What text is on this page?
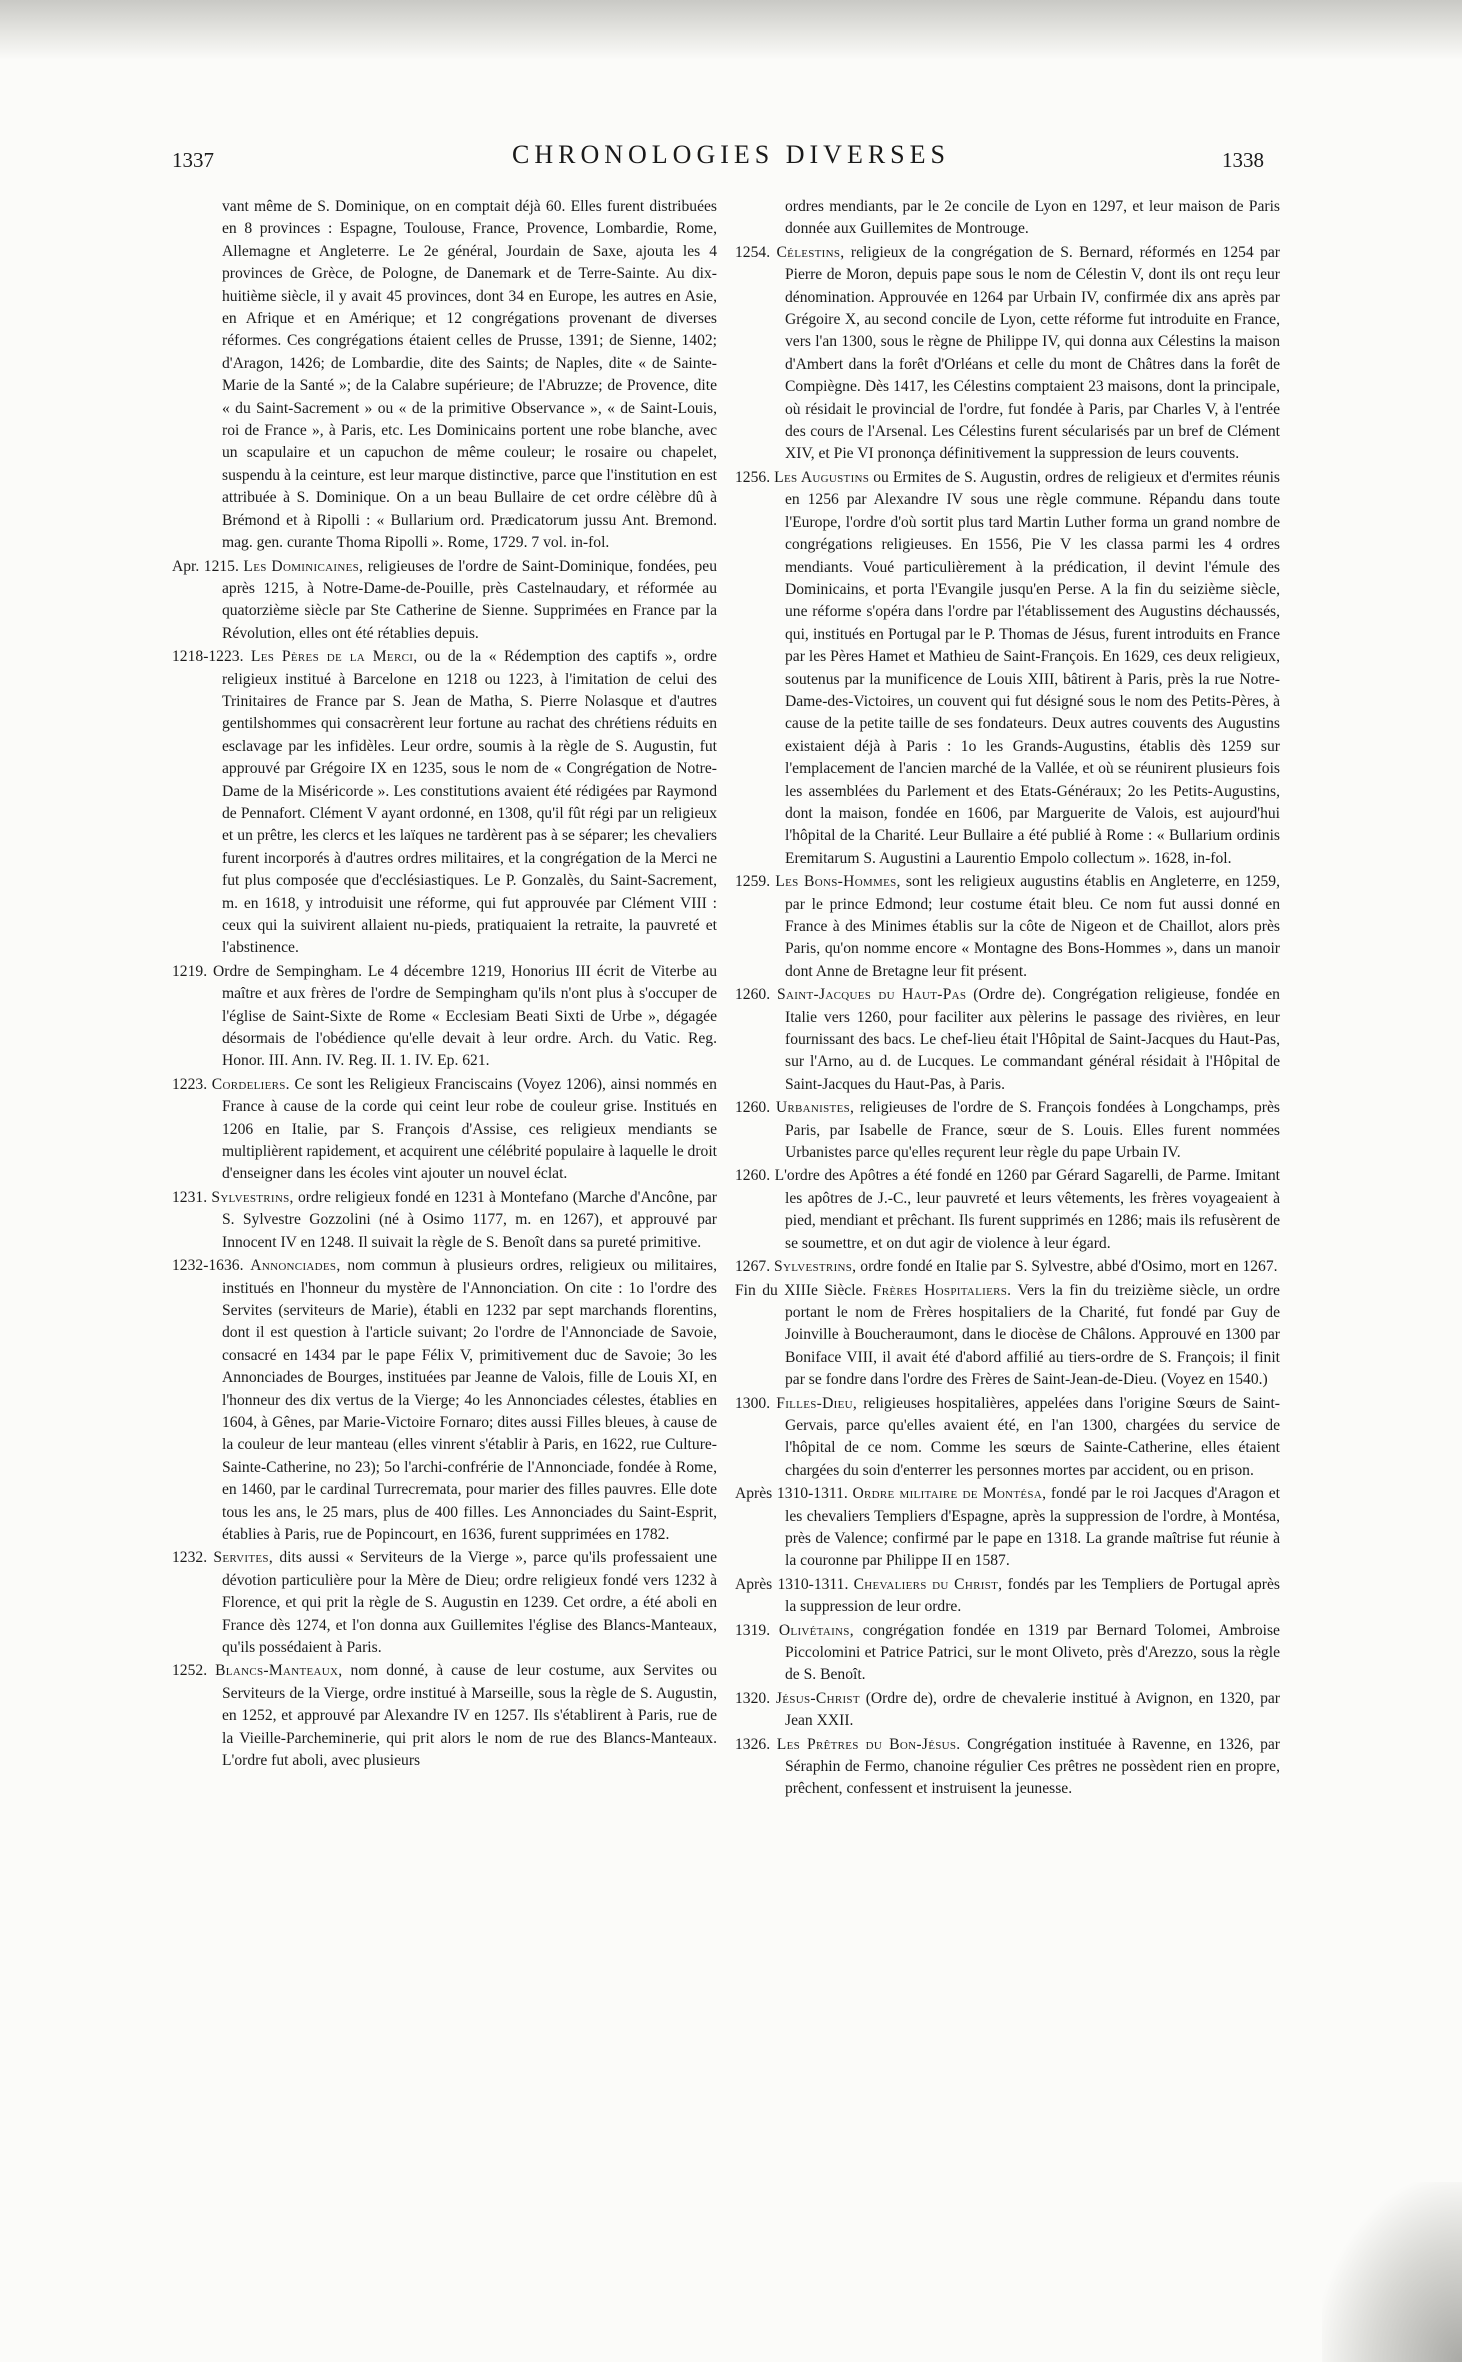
1337	CHRONOLOGIES DIVERSES	1338

vant même de S. Dominique, on en comptait déjà 60. Elles furent distribuées en 8 provinces : Espagne, Toulouse, France, Provence, Lombardie, Rome, Allemagne et Angleterre. Le 2e général, Jourdain de Saxe, ajouta les 4 provinces de Grèce, de Pologne, de Danemark et de Terre-Sainte. Au dix-huitième siècle, il y avait 45 provinces, dont 34 en Europe, les autres en Asie, en Afrique et en Amérique; et 12 congrégations provenant de diverses réformes. Ces congrégations étaient celles de Prusse, 1391; de Sienne, 1402; d'Aragon, 1426; de Lombardie, dite des Saints; de Naples, dite « de Sainte-Marie de la Santé »; de la Calabre supérieure; de l'Abruzze; de Provence, dite « du Saint-Sacrement » ou « de la primitive Observance », « de Saint-Louis, roi de France », à Paris, etc. Les Dominicains portent une robe blanche, avec un scapulaire et un capuchon de même couleur; le rosaire ou chapelet, suspendu à la ceinture, est leur marque distinctive, parce que l'institution en est attribuée à S. Dominique. On a un beau Bullaire de cet ordre célèbre dû à Brémond et à Ripolli : « Bullarium ord. Prædicatorum jussu Ant. Bremond. mag. gen. curante Thoma Ripolli ». Rome, 1729. 7 vol. in-fol.

Apr. 1215. Les Dominicaines, religieuses de l'ordre de Saint-Dominique, fondées, peu après 1215, à Notre-Dame-de-Pouille, près Castelnaudary, et réformée au quatorzième siècle par Ste Catherine de Sienne. Supprimées en France par la Révolution, elles ont été rétablies depuis.

1218-1223. Les Pères de la Merci, ou de la « Rédemption des captifs », ordre religieux institué à Barcelone en 1218 ou 1223, à l'imitation de celui des Trinitaires de France par S. Jean de Matha, S. Pierre Nolasque et d'autres gentilshommes qui consacrèrent leur fortune au rachat des chrétiens réduits en esclavage par les infidèles. Leur ordre, soumis à la règle de S. Augustin, fut approuvé par Grégoire IX en 1235, sous le nom de « Congrégation de Notre-Dame de la Miséricorde ». Les constitutions avaient été rédigées par Raymond de Pennafort. Clément V ayant ordonné, en 1308, qu'il fût régi par un religieux et un prêtre, les clercs et les laïques ne tardèrent pas à se séparer; les chevaliers furent incorporés à d'autres ordres militaires, et la congrégation de la Merci ne fut plus composée que d'ecclésiastiques. Le P. Gonzalès, du Saint-Sacrement, m. en 1618, y introduisit une réforme, qui fut approuvée par Clément VIII : ceux qui la suivirent allaient nu-pieds, pratiquaient la retraite, la pauvreté et l'abstinence.

1219. Ordre de Sempingham. Le 4 décembre 1219, Honorius III écrit de Viterbe au maître et aux frères de l'ordre de Sempingham qu'ils n'ont plus à s'occuper de l'église de Saint-Sixte de Rome « Ecclesiam Beati Sixti de Urbe », dégagée désormais de l'obédience qu'elle devait à leur ordre. Arch. du Vatic. Reg. Honor. III. Ann. IV. Reg. II. 1. IV. Ep. 621.

1223. Cordeliers. Ce sont les Religieux Franciscains (Voyez 1206), ainsi nommés en France à cause de la corde qui ceint leur robe de couleur grise. Institués en 1206 en Italie, par S. François d'Assise, ces religieux mendiants se multiplièrent rapidement, et acquirent une célébrité populaire à laquelle le droit d'enseigner dans les écoles vint ajouter un nouvel éclat.

1231. Sylvestrins, ordre religieux fondé en 1231 à Montefano (Marche d'Ancône, par S. Sylvestre Gozzolini (né à Osimo 1177, m. en 1267), et approuvé par Innocent IV en 1248. Il suivait la règle de S. Benoît dans sa pureté primitive.

1232-1636. Annonciades, nom commun à plusieurs ordres, religieux ou militaires, institués en l'honneur du mystère de l'Annonciation. On cite : 1o l'ordre des Servites (serviteurs de Marie), établi en 1232 par sept marchands florentins, dont il est question à l'article suivant; 2o l'ordre de l'Annonciade de Savoie, consacré en 1434 par le pape Félix V, primitivement duc de Savoie; 3o les Annonciades de Bourges, instituées par Jeanne de Valois, fille de Louis XI, en l'honneur des dix vertus de la Vierge; 4o les Annonciades célestes, établies en 1604, à Gênes, par Marie-Victoire Fornaro; dites aussi Filles bleues, à cause de la couleur de leur manteau (elles vinrent s'établir à Paris, en 1622, rue Culture-Sainte-Catherine, no 23); 5o l'archi-confrérie de l'Annonciade, fondée à Rome, en 1460, par le cardinal Turrecremata, pour marier des filles pauvres. Elle dote tous les ans, le 25 mars, plus de 400 filles. Les Annonciades du Saint-Esprit, établies à Paris, rue de Popincourt, en 1636, furent supprimées en 1782.

1232. Servites, dits aussi « Serviteurs de la Vierge », parce qu'ils professaient une dévotion particulière pour la Mère de Dieu; ordre religieux fondé vers 1232 à Florence, et qui prit la règle de S. Augustin en 1239. Cet ordre, a été aboli en France dès 1274, et l'on donna aux Guillemites l'église des Blancs-Manteaux, qu'ils possédaient à Paris.

1252. Blancs-Manteaux, nom donné, à cause de leur costume, aux Servites ou Serviteurs de la Vierge, ordre institué à Marseille, sous la règle de S. Augustin, en 1252, et approuvé par Alexandre IV en 1257. Ils s'établirent à Paris, rue de la Vieille-Parcheminerie, qui prit alors le nom de rue des Blancs-Manteaux. L'ordre fut aboli, avec plusieurs

ordres mendiants, par le 2e concile de Lyon en 1297, et leur maison de Paris donnée aux Guillemites de Montrouge.

1254. Célestins, religieux de la congrégation de S. Bernard, réformés en 1254 par Pierre de Moron, depuis pape sous le nom de Célestin V, dont ils ont reçu leur dénomination. Approuvée en 1264 par Urbain IV, confirmée dix ans après par Grégoire X, au second concile de Lyon, cette réforme fut introduite en France, vers l'an 1300, sous le règne de Philippe IV, qui donna aux Célestins la maison d'Ambert dans la forêt d'Orléans et celle du mont de Châtres dans la forêt de Compiègne. Dès 1417, les Célestins comptaient 23 maisons, dont la principale, où résidait le provincial de l'ordre, fut fondée à Paris, par Charles V, à l'entrée des cours de l'Arsenal. Les Célestins furent sécularisés par un bref de Clément XIV, et Pie VI prononça définitivement la suppression de leurs couvents.

1256. Les Augustins ou Ermites de S. Augustin, ordres de religieux et d'ermites réunis en 1256 par Alexandre IV sous une règle commune. Répandu dans toute l'Europe, l'ordre d'où sortit plus tard Martin Luther forma un grand nombre de congrégations religieuses. En 1556, Pie V les classa parmi les 4 ordres mendiants. Voué particulièrement à la prédication, il devint l'émule des Dominicains, et porta l'Evangile jusqu'en Perse. A la fin du seizième siècle, une réforme s'opéra dans l'ordre par l'établissement des Augustins déchaussés, qui, institués en Portugal par le P. Thomas de Jésus, furent introduits en France par les Pères Hamet et Mathieu de Saint-François. En 1629, ces deux religieux, soutenus par la munificence de Louis XIII, bâtirent à Paris, près la rue Notre-Dame-des-Victoires, un couvent qui fut désigné sous le nom des Petits-Pères, à cause de la petite taille de ses fondateurs. Deux autres couvents des Augustins existaient déjà à Paris : 1o les Grands-Augustins, établis dès 1259 sur l'emplacement de l'ancien marché de la Vallée, et où se réunirent plusieurs fois les assemblées du Parlement et des Etats-Généraux; 2o les Petits-Augustins, dont la maison, fondée en 1606, par Marguerite de Valois, est aujourd'hui l'hôpital de la Charité. Leur Bullaire a été publié à Rome : « Bullarium ordinis Eremitarum S. Augustini a Laurentio Empolo collectum ». 1628, in-fol.

1259. Les Bons-Hommes, sont les religieux augustins établis en Angleterre, en 1259, par le prince Edmond; leur costume était bleu. Ce nom fut aussi donné en France à des Minimes établis sur la côte de Nigeon et de Chaillot, alors près Paris, qu'on nomme encore « Montagne des Bons-Hommes », dans un manoir dont Anne de Bretagne leur fit présent.

1260. Saint-Jacques du Haut-Pas (Ordre de). Congrégation religieuse, fondée en Italie vers 1260, pour faciliter aux pèlerins le passage des rivières, en leur fournissant des bacs. Le chef-lieu était l'Hôpital de Saint-Jacques du Haut-Pas, sur l'Arno, au d. de Lucques. Le commandant général résidait à l'Hôpital de Saint-Jacques du Haut-Pas, à Paris.

1260. Urbanistes, religieuses de l'ordre de S. François fondées à Longchamps, près Paris, par Isabelle de France, sœur de S. Louis. Elles furent nommées Urbanistes parce qu'elles reçurent leur règle du pape Urbain IV.

1260. L'ordre des Apôtres a été fondé en 1260 par Gérard Sagarelli, de Parme. Imitant les apôtres de J.-C., leur pauvreté et leurs vêtements, les frères voyageaient à pied, mendiant et prêchant. Ils furent supprimés en 1286; mais ils refusèrent de se soumettre, et on dut agir de violence à leur égard.

1267. Sylvestrins, ordre fondé en Italie par S. Sylvestre, abbé d'Osimo, mort en 1267.

Fin du XIIIe Siècle. Frères Hospitaliers. Vers la fin du treizième siècle, un ordre portant le nom de Frères hospitaliers de la Charité, fut fondé par Guy de Joinville à Boucheraumont, dans le diocèse de Châlons. Approuvé en 1300 par Boniface VIII, il avait été d'abord affilié au tiers-ordre de S. François; il finit par se fondre dans l'ordre des Frères de Saint-Jean-de-Dieu. (Voyez en 1540.)

1300. Filles-Dieu, religieuses hospitalières, appelées dans l'origine Sœurs de Saint-Gervais, parce qu'elles avaient été, en l'an 1300, chargées du service de l'hôpital de ce nom. Comme les sœurs de Sainte-Catherine, elles étaient chargées du soin d'enterrer les personnes mortes par accident, ou en prison.

Après 1310-1311. Ordre militaire de Montésa, fondé par le roi Jacques d'Aragon et les chevaliers Templiers d'Espagne, après la suppression de l'ordre, à Montésa, près de Valence; confirmé par le pape en 1318. La grande maîtrise fut réunie à la couronne par Philippe II en 1587.

Après 1310-1311. Chevaliers du Christ, fondés par les Templiers de Portugal après la suppression de leur ordre.

1319. Olivétains, congrégation fondée en 1319 par Bernard Tolomei, Ambroise Piccolomini et Patrice Patrici, sur le mont Oliveto, près d'Arezzo, sous la règle de S. Benoît.

1320. Jésus-Christ (Ordre de), ordre de chevalerie institué à Avignon, en 1320, par Jean XXII.

1326. Les Prêtres du Bon-Jésus. Congrégation instituée à Ravenne, en 1326, par Séraphin de Fermo, chanoine régulier Ces prêtres ne possèdent rien en propre, prêchent, confessent et instruisent la jeunesse.
